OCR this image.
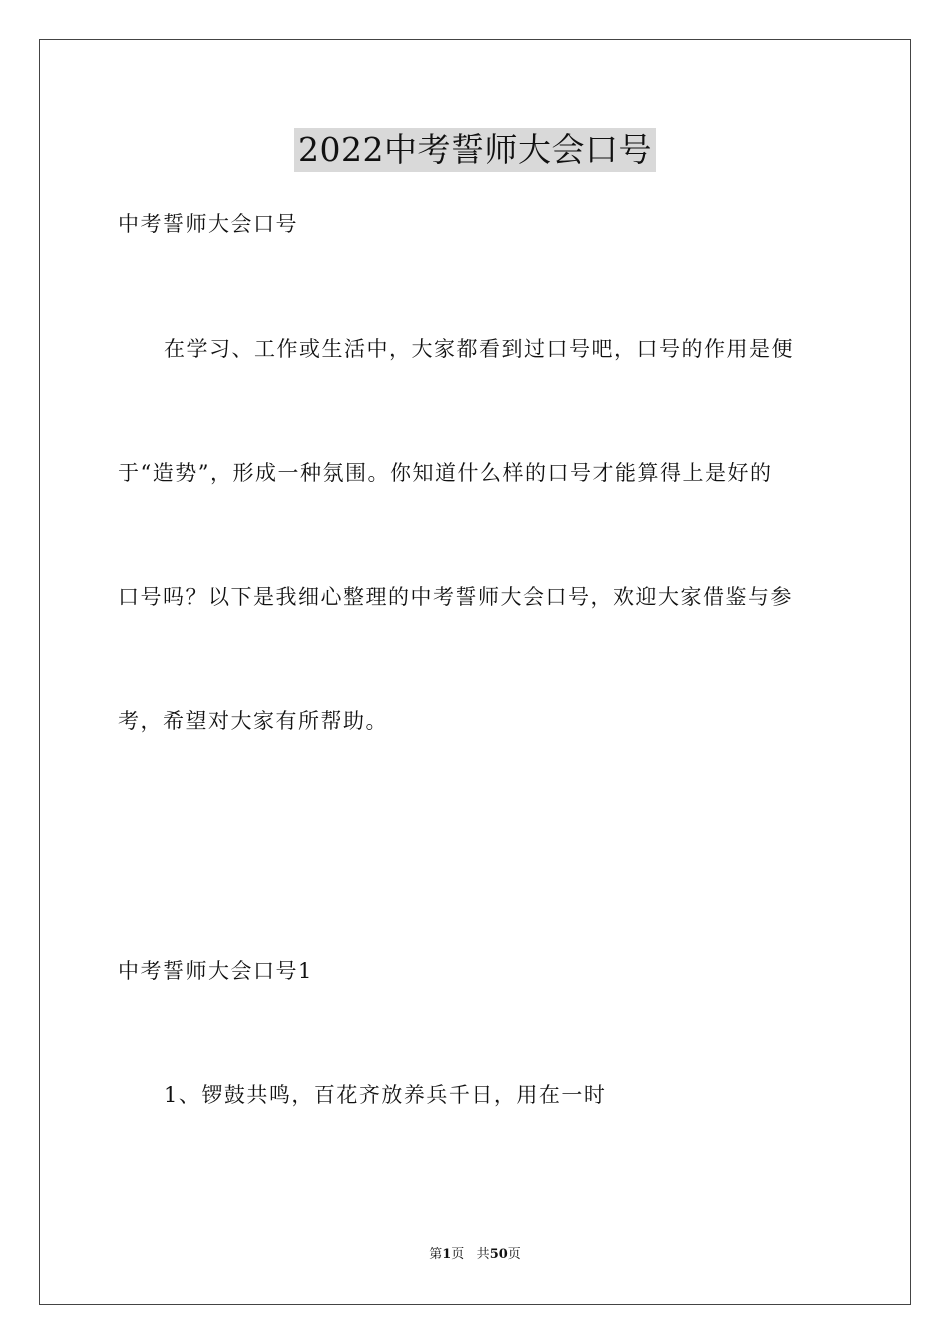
2022中考誓师大会口号

中考誓师大会口号

在学习、工作或生活中，大家都看到过口号吧，口号的作用是便

于“造势”，形成一种氛围。你知道什么样的口号才能算得上是好的

口号吗？以下是我细心整理的中考誓师大会口号，欢迎大家借鉴与参

考，希望对大家有所帮助。

中考誓师大会口号1

1、锣鼓共鸣，百花齐放养兵千日，用在一时

第1页 共50页
